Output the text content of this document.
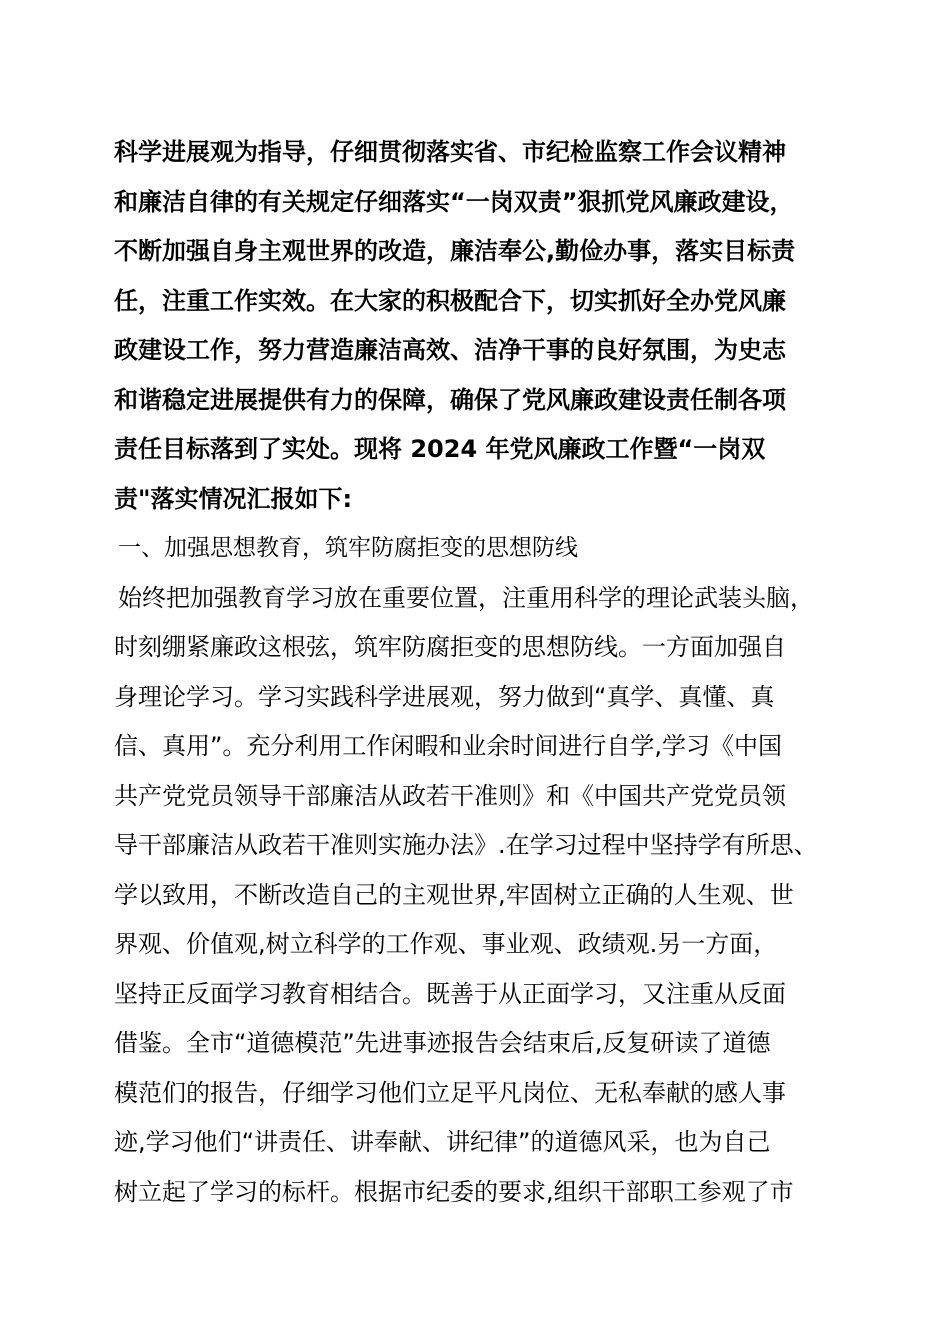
科学进展观为指导，仔细贯彻落实省、市纪检监察工作会议精神
和廉洁自律的有关规定仔细落实“一岗双责”狠抓党风廉政建设，
不断加强自身主观世界的改造，廉洁奉公,勤俭办事，落实目标责
任，注重工作实效。在大家的积极配合下，切实抓好全办党风廉
政建设工作，努力营造廉洁高效、洁净干事的良好氛围，为史志
和谐稳定进展提供有力的保障，确保了党风廉政建设责任制各项
责任目标落到了实处。现将 2024 年党风廉政工作暨“一岗双
责"落实情况汇报如下:
一、加强思想教育，筑牢防腐拒变的思想防线
始终把加强教育学习放在重要位置，注重用科学的理论武装头脑，
时刻绷紧廉政这根弦，筑牢防腐拒变的思想防线。一方面加强自
身理论学习。学习实践科学进展观，努力做到“真学、真懂、真
信、真用”。充分利用工作闲暇和业余时间进行自学,学习《中国
共产党党员领导干部廉洁从政若干准则》和《中国共产党党员领
导干部廉洁从政若干准则实施办法》.在学习过程中坚持学有所思、
学以致用，不断改造自己的主观世界,牢固树立正确的人生观、世
界观、价值观,树立科学的工作观、事业观、政绩观.另一方面，
坚持正反面学习教育相结合。既善于从正面学习，又注重从反面
借鉴。全市“道德模范”先进事迹报告会结束后,反复研读了道德
模范们的报告，仔细学习他们立足平凡岗位、无私奉献的感人事
迹,学习他们“讲责任、讲奉献、讲纪律”的道德风采，也为自己
树立起了学习的标杆。根据市纪委的要求,组织干部职工参观了市
